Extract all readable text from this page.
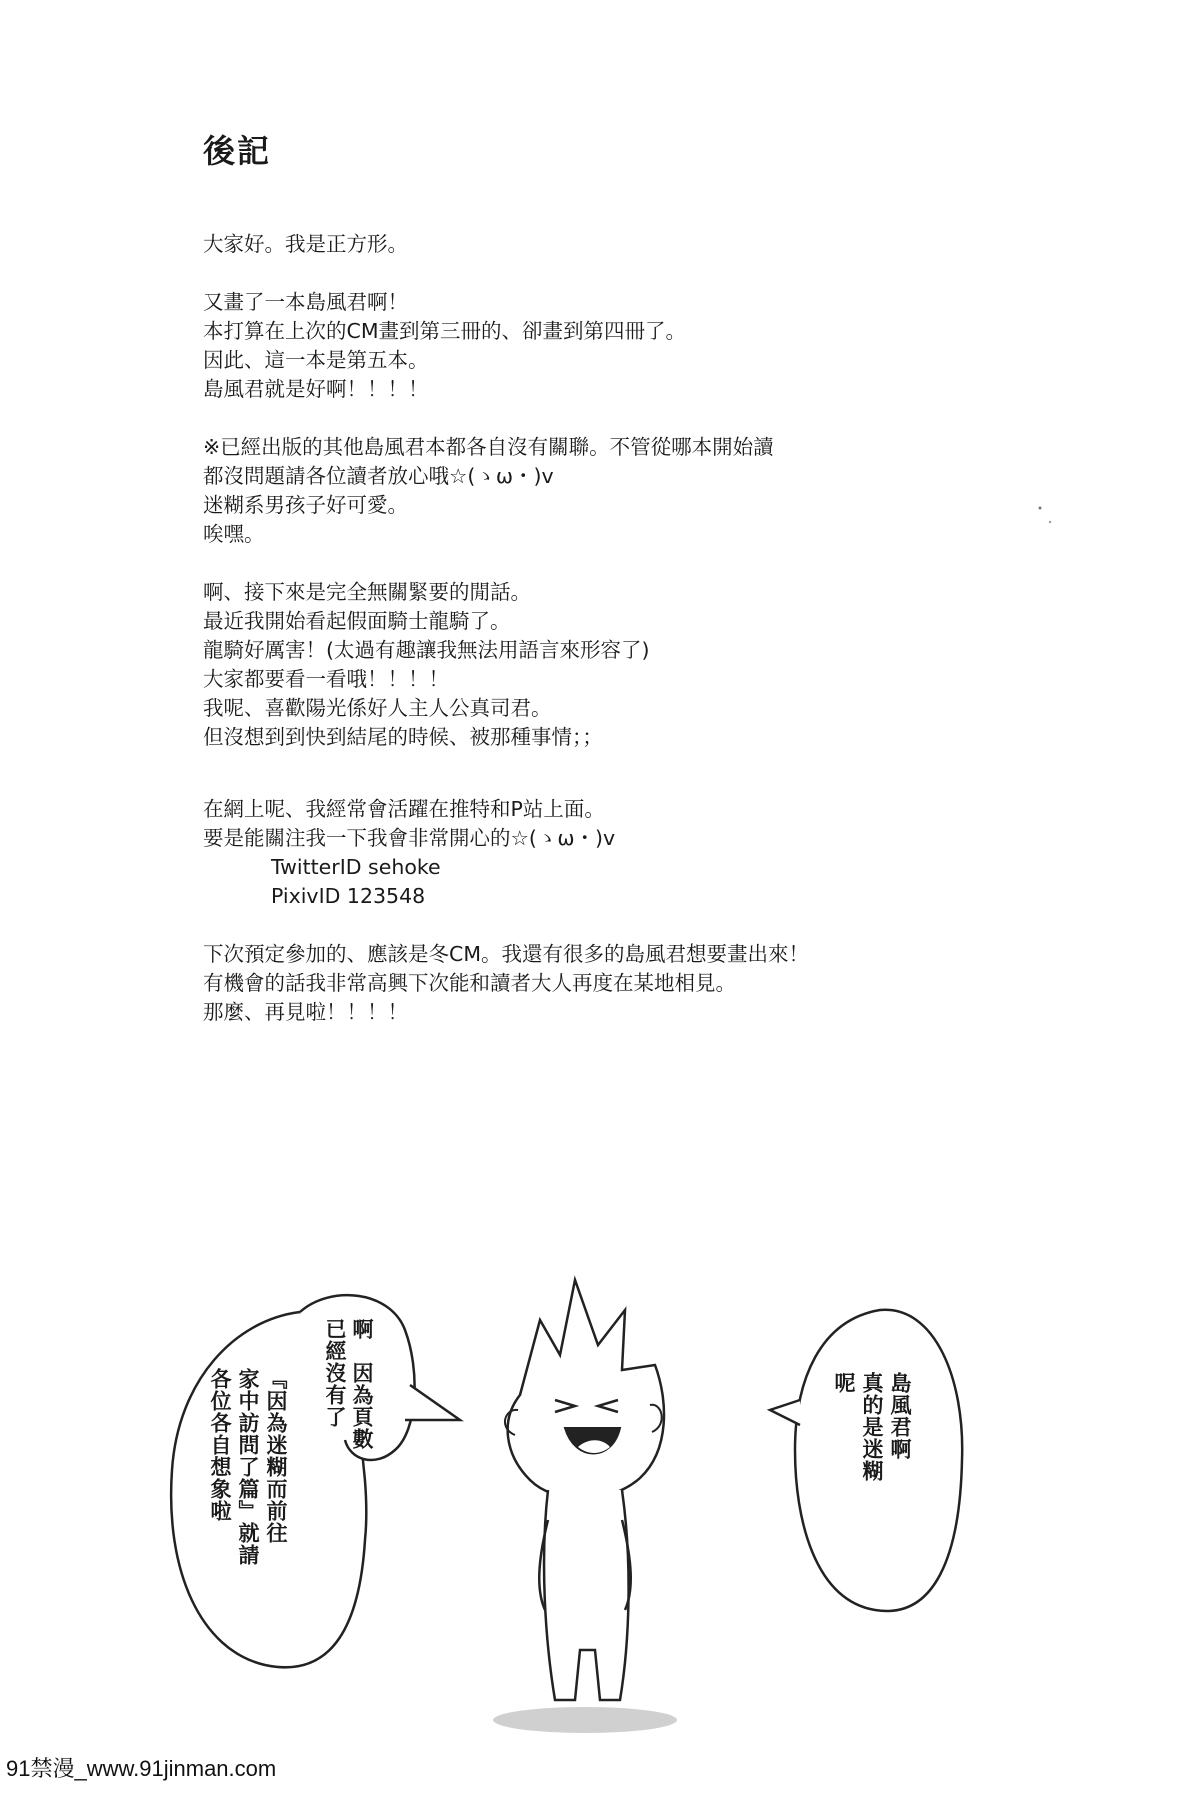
後記

大家好。我是正方形。

又畫了一本島風君啊！
本打算在上次的CM畫到第三冊的、卻畫到第四冊了。
因此、這一本是第五本。
島風君就是好啊！！！！

※已經出版的其他島風君本都各自沒有關聯。不管從哪本開始讀
都沒問題請各位讀者放心哦☆(ゝω・)v
迷糊系男孩子好可愛。
唉嘿。

啊、接下來是完全無關緊要的閒話。
最近我開始看起假面騎士龍騎了。
龍騎好厲害！(太過有趣讓我無法用語言來形容了)
大家都要看一看哦！！！！
我呢、喜歡陽光係好人主人公真司君。
但沒想到到快到結尾的時候、被那種事情；；

在網上呢、我經常會活躍在推特和P站上面。
要是能關注我一下我會非常開心的☆(ゝω・)v
TwitterID sehoke
PixivID 123548

下次預定參加的、應該是冬CM。我還有很多的島風君想要畫出來！
有機會的話我非常高興下次能和讀者大人再度在某地相見。
那麼、再見啦！！！！

啊　因為頁數
已經沒有了
『因為迷糊而前往
家中訪問了篇』就請
各位各自想象啦	島風君啊
真的是迷糊
呢
91禁漫_www.91jinman.com
